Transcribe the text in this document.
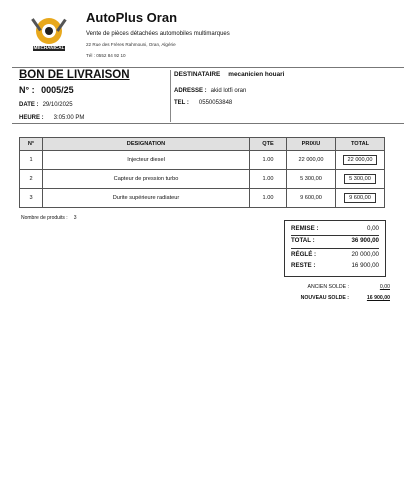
MECHANICAL
AutoPlus Oran
Vente de pièces détachées automobiles multimarques
22 Rue des Frères Rahmouni, Oran, Algérie
Tél : 0552 84 92 10
BON DE LIVRAISON
N° : 0005/25
DATE : 29/10/2025
HEURE : 3:05:00 PM
DESTINATAIRE mecanicien houari
ADRESSE : akid lotfi oran
TEL : 0550053848
N°	DESIGNATION	QTE	PRIX/U	TOTAL
1	Injecteur diesel	1.00	22 000,00	22 000,00
2	Capteur de pression turbo	1.00	5 300,00	5 300,00
3	Durite supérieure radiateur	1.00	9 600,00	9 600,00
Nombre de produits : 3
REMISE :	0,00
TOTAL :	36 900,00
RÉGLÉ :	20 000,00
RESTE :	16 900,00
ANCIEN SOLDE :	0,00
NOUVEAU SOLDE :	16 900,00
